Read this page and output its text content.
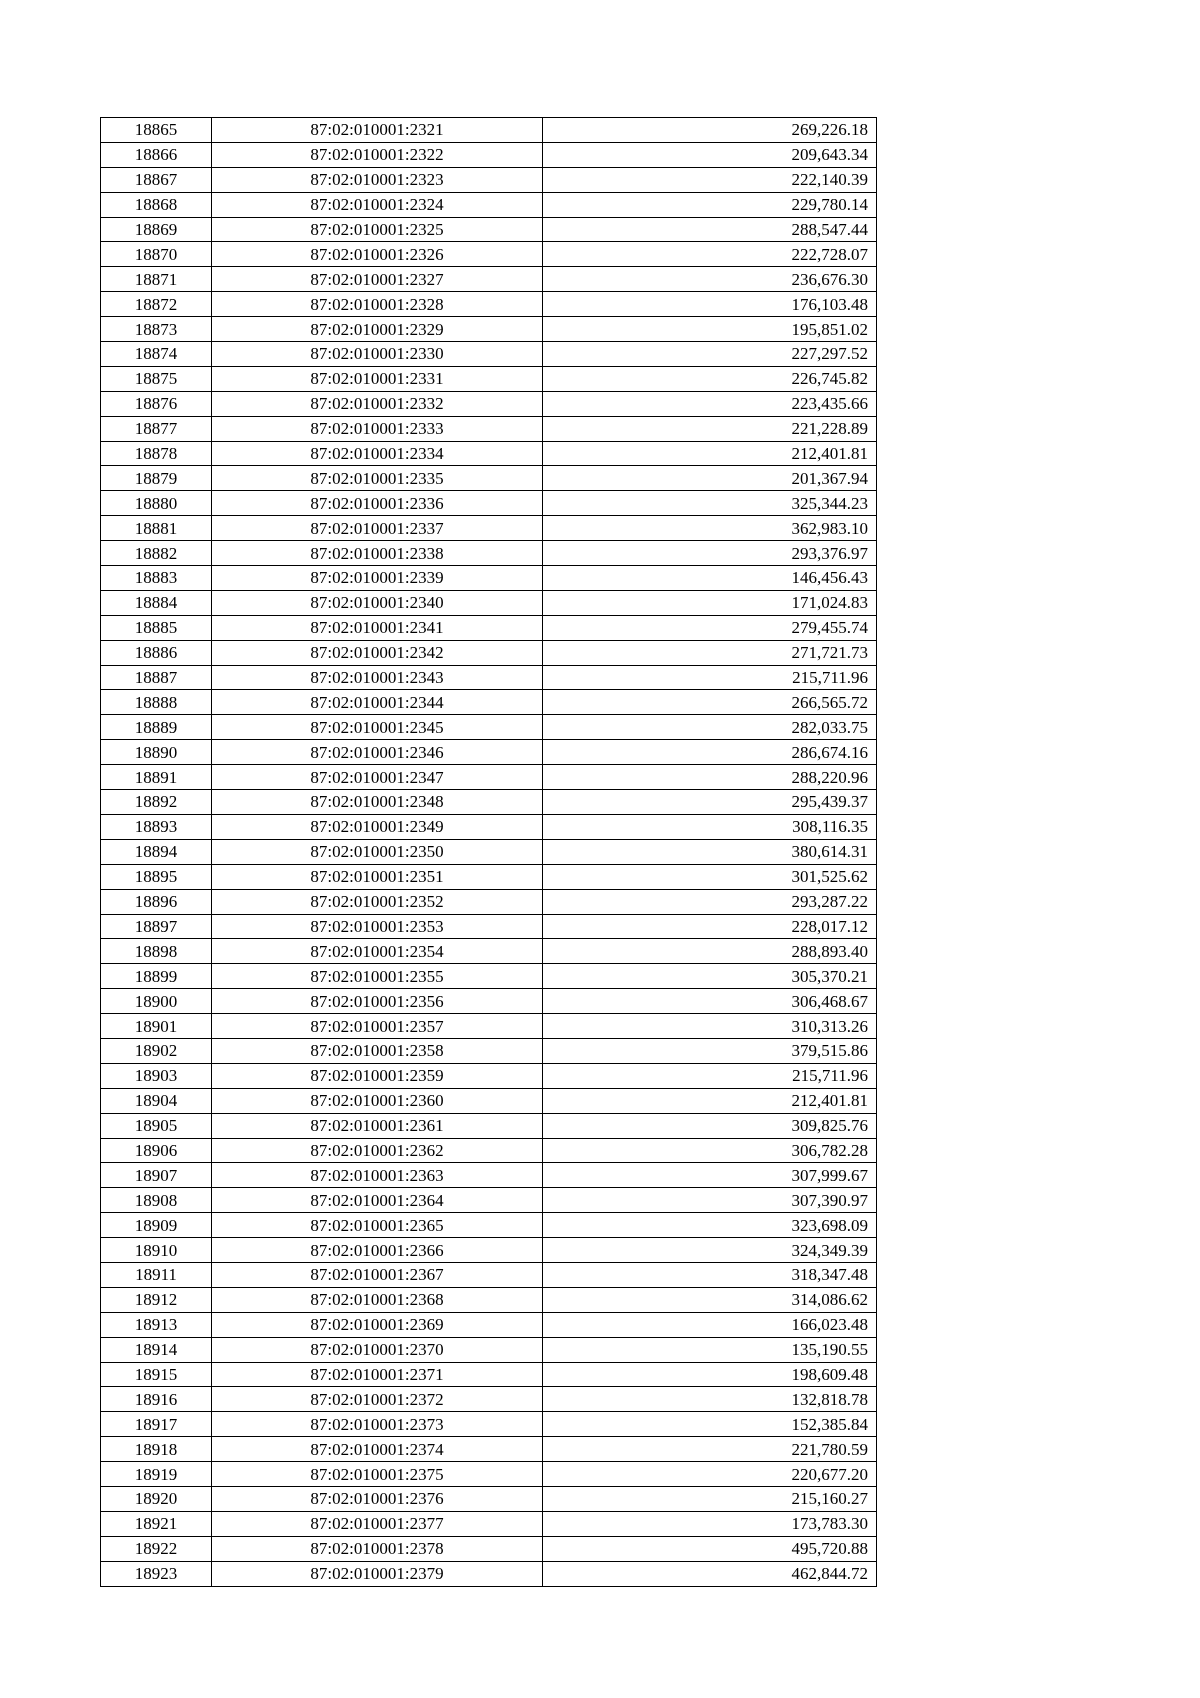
18865	87:02:010001:2321	269,226.18
18866	87:02:010001:2322	209,643.34
18867	87:02:010001:2323	222,140.39
18868	87:02:010001:2324	229,780.14
18869	87:02:010001:2325	288,547.44
18870	87:02:010001:2326	222,728.07
18871	87:02:010001:2327	236,676.30
18872	87:02:010001:2328	176,103.48
18873	87:02:010001:2329	195,851.02
18874	87:02:010001:2330	227,297.52
18875	87:02:010001:2331	226,745.82
18876	87:02:010001:2332	223,435.66
18877	87:02:010001:2333	221,228.89
18878	87:02:010001:2334	212,401.81
18879	87:02:010001:2335	201,367.94
18880	87:02:010001:2336	325,344.23
18881	87:02:010001:2337	362,983.10
18882	87:02:010001:2338	293,376.97
18883	87:02:010001:2339	146,456.43
18884	87:02:010001:2340	171,024.83
18885	87:02:010001:2341	279,455.74
18886	87:02:010001:2342	271,721.73
18887	87:02:010001:2343	215,711.96
18888	87:02:010001:2344	266,565.72
18889	87:02:010001:2345	282,033.75
18890	87:02:010001:2346	286,674.16
18891	87:02:010001:2347	288,220.96
18892	87:02:010001:2348	295,439.37
18893	87:02:010001:2349	308,116.35
18894	87:02:010001:2350	380,614.31
18895	87:02:010001:2351	301,525.62
18896	87:02:010001:2352	293,287.22
18897	87:02:010001:2353	228,017.12
18898	87:02:010001:2354	288,893.40
18899	87:02:010001:2355	305,370.21
18900	87:02:010001:2356	306,468.67
18901	87:02:010001:2357	310,313.26
18902	87:02:010001:2358	379,515.86
18903	87:02:010001:2359	215,711.96
18904	87:02:010001:2360	212,401.81
18905	87:02:010001:2361	309,825.76
18906	87:02:010001:2362	306,782.28
18907	87:02:010001:2363	307,999.67
18908	87:02:010001:2364	307,390.97
18909	87:02:010001:2365	323,698.09
18910	87:02:010001:2366	324,349.39
18911	87:02:010001:2367	318,347.48
18912	87:02:010001:2368	314,086.62
18913	87:02:010001:2369	166,023.48
18914	87:02:010001:2370	135,190.55
18915	87:02:010001:2371	198,609.48
18916	87:02:010001:2372	132,818.78
18917	87:02:010001:2373	152,385.84
18918	87:02:010001:2374	221,780.59
18919	87:02:010001:2375	220,677.20
18920	87:02:010001:2376	215,160.27
18921	87:02:010001:2377	173,783.30
18922	87:02:010001:2378	495,720.88
18923	87:02:010001:2379	462,844.72
